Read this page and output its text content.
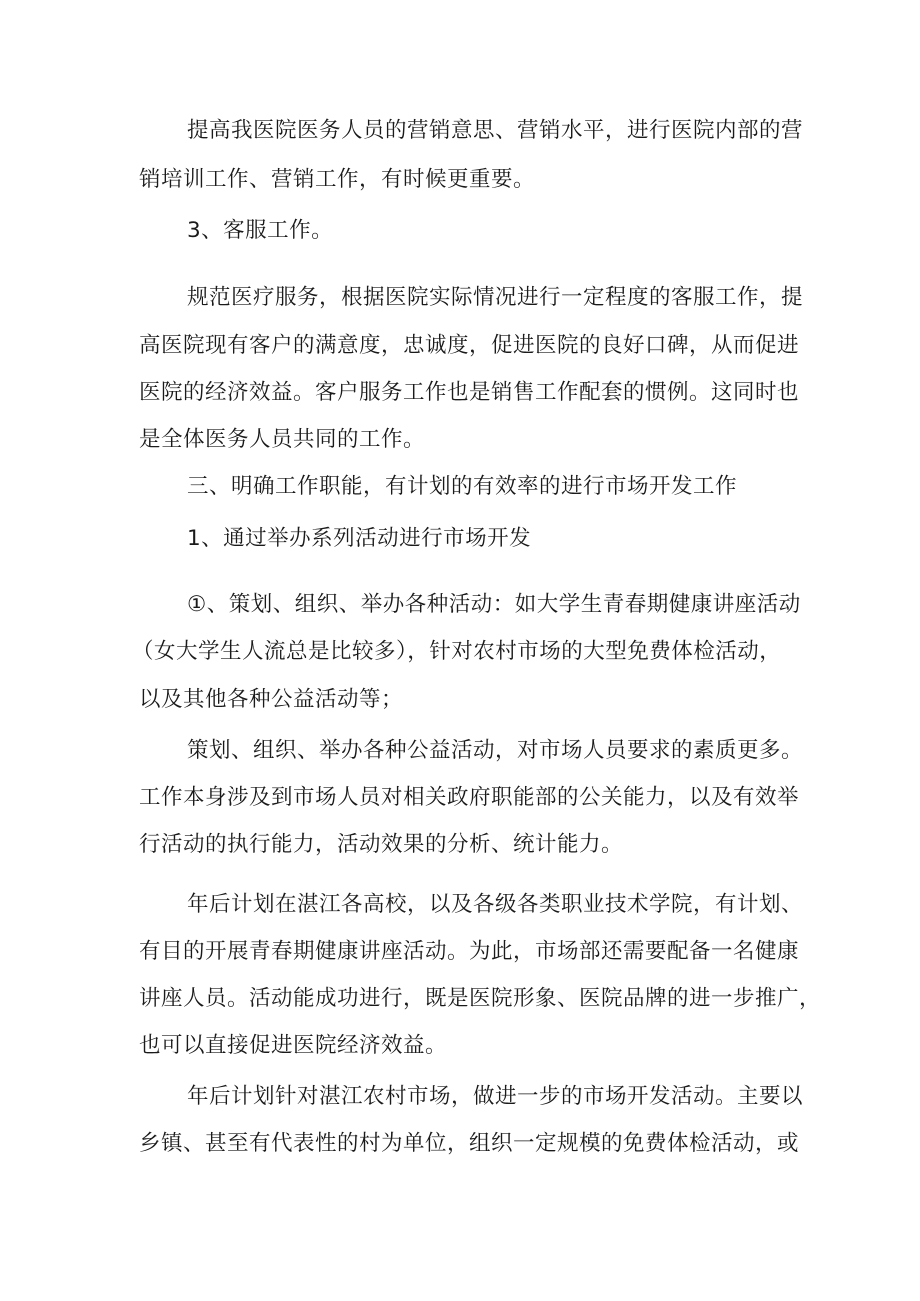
提高我医院医务人员的营销意思、营销水平，进行医院内部的营

销培训工作、营销工作，有时候更重要。

3、客服工作。

规范医疗服务，根据医院实际情况进行一定程度的客服工作，提

高医院现有客户的满意度，忠诚度，促进医院的良好口碑，从而促进

医院的经济效益。客户服务工作也是销售工作配套的惯例。这同时也

是全体医务人员共同的工作。

三、明确工作职能，有计划的有效率的进行市场开发工作

1、通过举办系列活动进行市场开发

①、策划、组织、举办各种活动：如大学生青春期健康讲座活动

（女大学生人流总是比较多），针对农村市场的大型免费体检活动，

以及其他各种公益活动等；

策划、组织、举办各种公益活动，对市场人员要求的素质更多。

工作本身涉及到市场人员对相关政府职能部的公关能力，以及有效举

行活动的执行能力，活动效果的分析、统计能力。

年后计划在湛江各高校，以及各级各类职业技术学院，有计划、

有目的开展青春期健康讲座活动。为此，市场部还需要配备一名健康

讲座人员。活动能成功进行，既是医院形象、医院品牌的进一步推广，

也可以直接促进医院经济效益。

年后计划针对湛江农村市场，做进一步的市场开发活动。主要以

乡镇、甚至有代表性的村为单位，组织一定规模的免费体检活动，或
